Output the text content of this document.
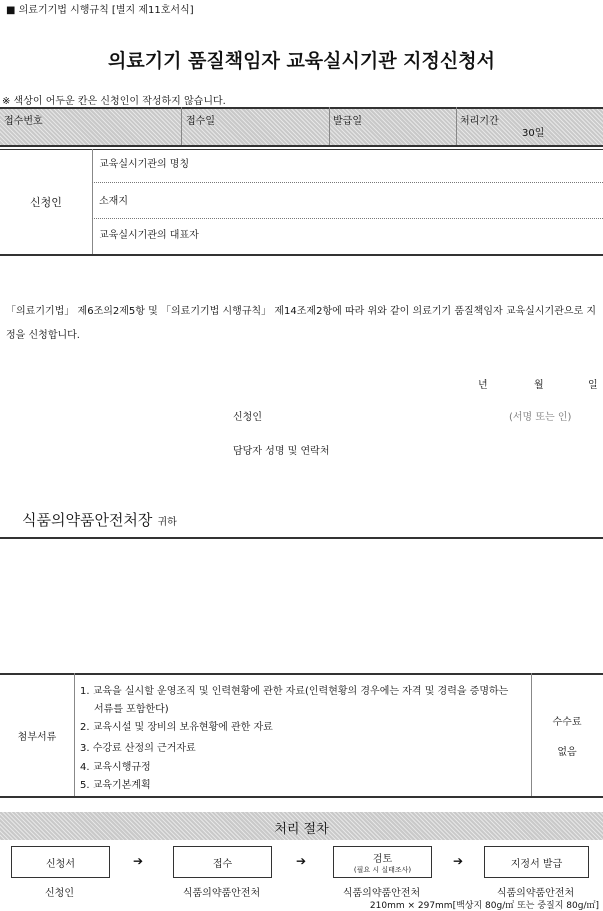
■ 의료기기법 시행규칙 [별지 제11호서식]
의료기기 품질책임자 교육실시기관 지정신청서
※ 색상이 어두운 칸은 신청인이 작성하지 않습니다.
접수번호	접수일	발급일	처리기간
30일
신청인
교육실시기관의 명칭
소재지
교육실시기관의 대표자
「의료기기법」 제6조의2제5항 및 「의료기기법 시행규칙」 제14조제2항에 따라 위와 같이 의료기기 품질책임자 교육실시기관으로 지정을 신청합니다.
년	월	일
신청인	(서명 또는 인)
담당자 성명 및 연락처
식품의약품안전처장 귀하
첨부서류
1. 교육을 실시할 운영조직 및 인력현황에 관한 자료(인력현황의 경우에는 자격 및 경력을 증명하는
서류를 포함한다)
2. 교육시설 및 장비의 보유현황에 관한 자료
3. 수강료 산정의 근거자료
4. 교육시행규정
5. 교육기본계획
수수료
없음
처리 절차
신청서	접수	검토
(필요 시 실태조사)	지정서 발급
➔	➔	➔
신청인	식품의약품안전처	식품의약품안전처	식품의약품안전처
210mm × 297mm[백상지 80g/㎡ 또는 중질지 80g/㎡]
